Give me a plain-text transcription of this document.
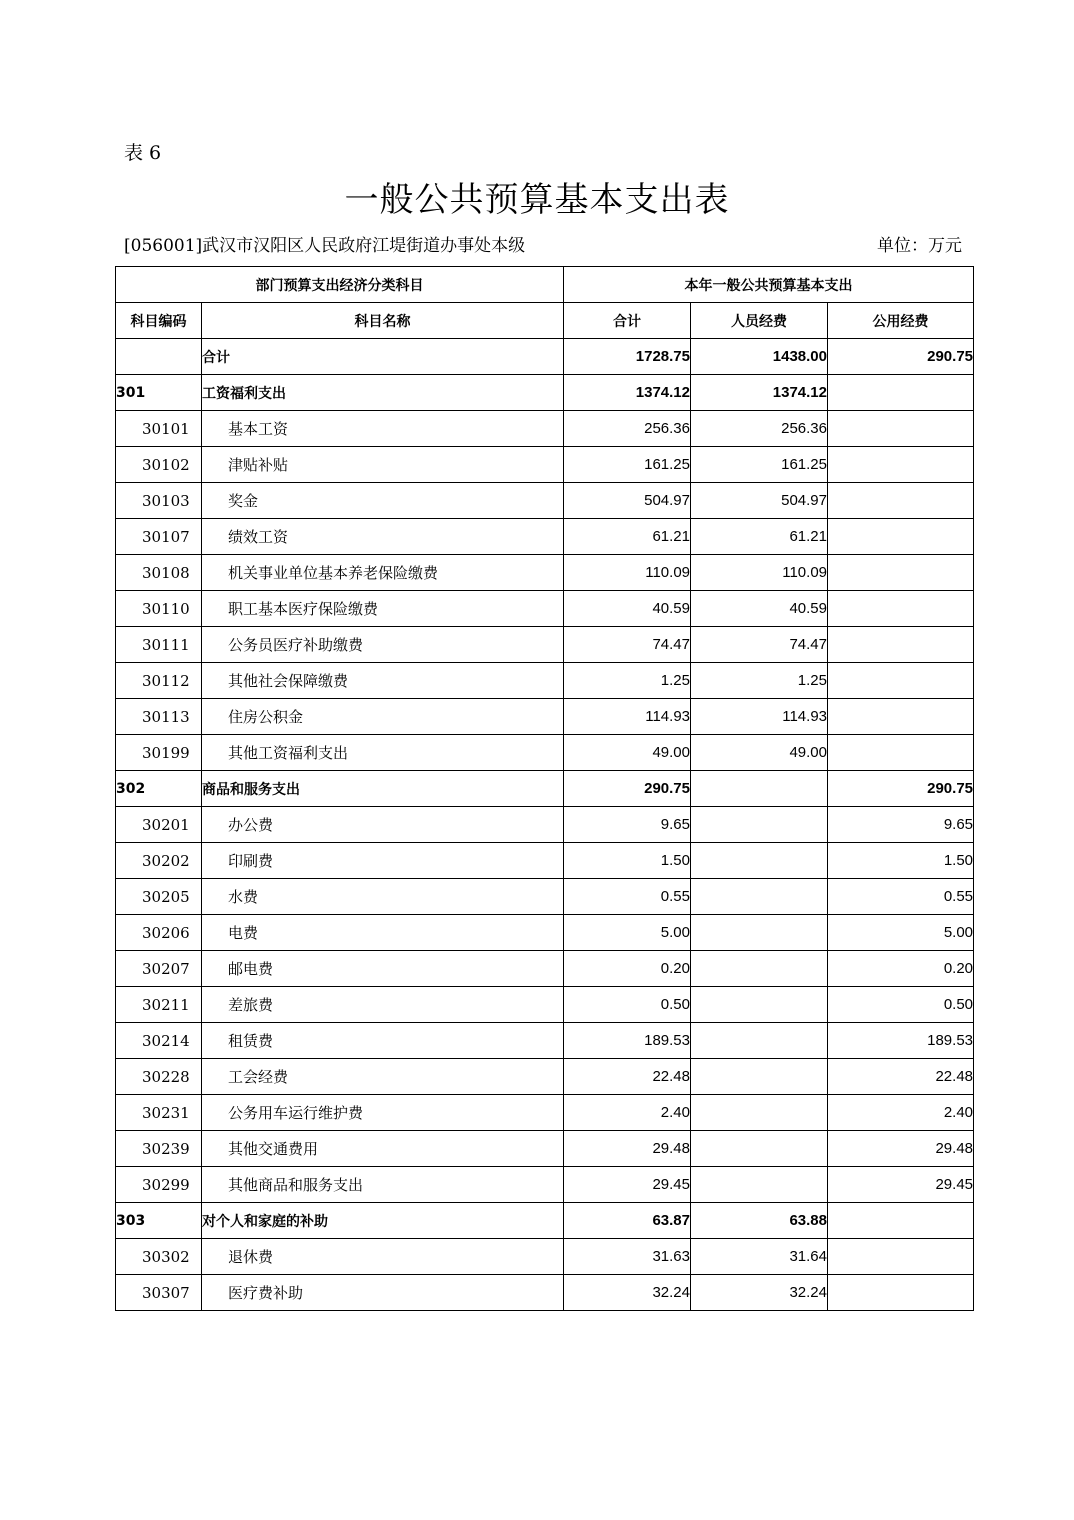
表 6
一般公共预算基本支出表
[056001]武汉市汉阳区人民政府江堤街道办事处本级	单位：万元
部门预算支出经济分类科目		本年一般公共预算基本支出		
科目编码	科目名称	合计	人员经费	公用经费
	合计	1728.75	1438.00	290.75
301	工资福利支出	1374.12	1374.12	
30101	基本工资	256.36	256.36	
30102	津贴补贴	161.25	161.25	
30103	奖金	504.97	504.97	
30107	绩效工资	61.21	61.21	
30108	机关事业单位基本养老保险缴费	110.09	110.09	
30110	职工基本医疗保险缴费	40.59	40.59	
30111	公务员医疗补助缴费	74.47	74.47	
30112	其他社会保障缴费	1.25	1.25	
30113	住房公积金	114.93	114.93	
30199	其他工资福利支出	49.00	49.00	
302	商品和服务支出	290.75		290.75
30201	办公费	9.65		9.65
30202	印刷费	1.50		1.50
30205	水费	0.55		0.55
30206	电费	5.00		5.00
30207	邮电费	0.20		0.20
30211	差旅费	0.50		0.50
30214	租赁费	189.53		189.53
30228	工会经费	22.48		22.48
30231	公务用车运行维护费	2.40		2.40
30239	其他交通费用	29.48		29.48
30299	其他商品和服务支出	29.45		29.45
303	对个人和家庭的补助	63.87	63.88	
30302	退休费	31.63	31.64	
30307	医疗费补助	32.24	32.24	
